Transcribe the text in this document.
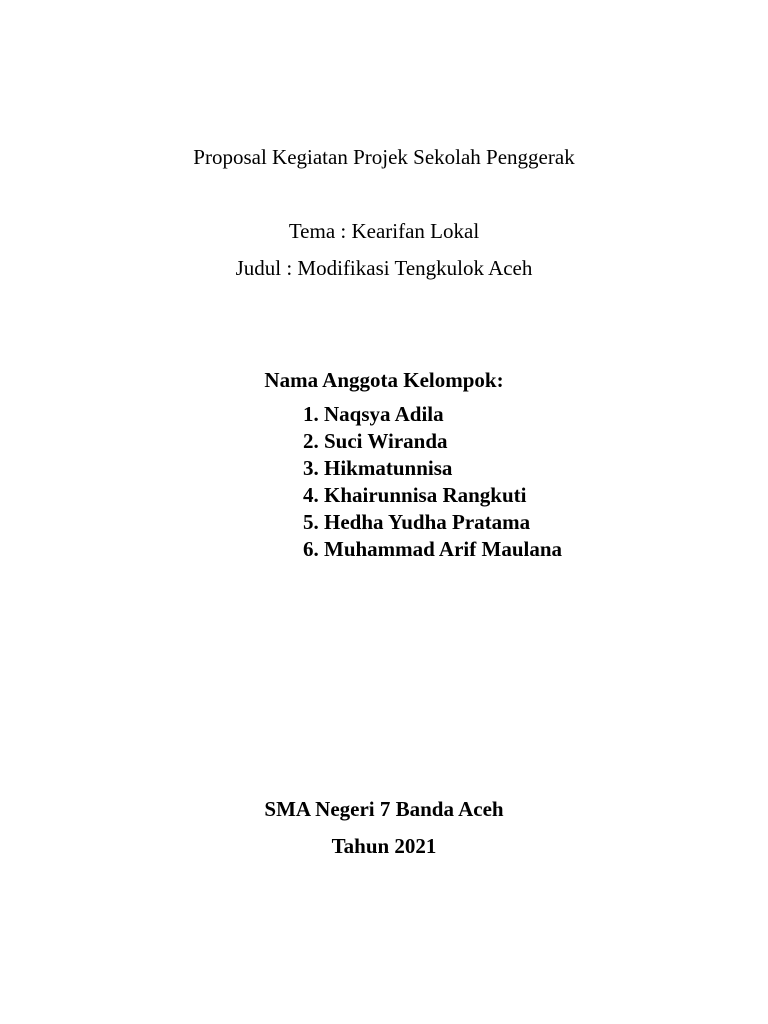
Proposal Kegiatan Projek Sekolah Penggerak
Tema : Kearifan Lokal
Judul : Modifikasi Tengkulok Aceh
Nama Anggota Kelompok:
1. Naqsya Adila
2. Suci Wiranda
3. Hikmatunnisa
4. Khairunnisa Rangkuti
5. Hedha Yudha Pratama
6. Muhammad Arif Maulana
SMA Negeri 7 Banda Aceh
Tahun 2021
